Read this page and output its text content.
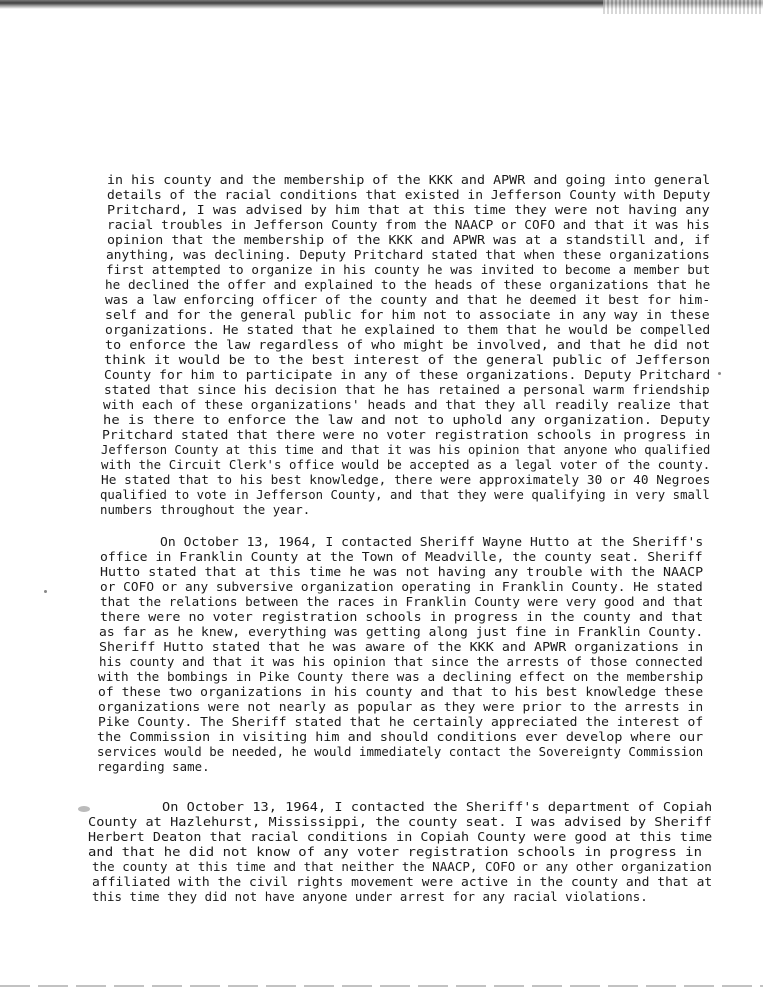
in his county and the membership of the KKK and APWR and going into general
details of the racial conditions that existed in Jefferson County with Deputy
Pritchard, I was advised by him that at this time they were not having any
racial troubles in Jefferson County from the NAACP or COFO and that it was his
opinion that the membership of the KKK and APWR was at a standstill and, if
anything, was declining. Deputy Pritchard stated that when these organizations
first attempted to organize in his county he was invited to become a member but
he declined the offer and explained to the heads of these organizations that he
was a law enforcing officer of the county and that he deemed it best for him-
self and for the general public for him not to associate in any way in these
organizations. He stated that he explained to them that he would be compelled
to enforce the law regardless of who might be involved, and that he did not
think it would be to the best interest of the general public of Jefferson
County for him to participate in any of these organizations. Deputy Pritchard
stated that since his decision that he has retained a personal warm friendship
with each of these organizations' heads and that they all readily realize that
he is there to enforce the law and not to uphold any organization. Deputy
Pritchard stated that there were no voter registration schools in progress in
Jefferson County at this time and that it was his opinion that anyone who qualified
with the Circuit Clerk's office would be accepted as a legal voter of the county.
He stated that to his best knowledge, there were approximately 30 or 40 Negroes
qualified to vote in Jefferson County, and that they were qualifying in very small
numbers throughout the year.
On October 13, 1964, I contacted Sheriff Wayne Hutto at the Sheriff's
office in Franklin County at the Town of Meadville, the county seat. Sheriff
Hutto stated that at this time he was not having any trouble with the NAACP
or COFO or any subversive organization operating in Franklin County. He stated
that the relations between the races in Franklin County were very good and that
there were no voter registration schools in progress in the county and that
as far as he knew, everything was getting along just fine in Franklin County.
Sheriff Hutto stated that he was aware of the KKK and APWR organizations in
his county and that it was his opinion that since the arrests of those connected
with the bombings in Pike County there was a declining effect on the membership
of these two organizations in his county and that to his best knowledge these
organizations were not nearly as popular as they were prior to the arrests in
Pike County. The Sheriff stated that he certainly appreciated the interest of
the Commission in visiting him and should conditions ever develop where our
services would be needed, he would immediately contact the Sovereignty Commission
regarding same.
On October 13, 1964, I contacted the Sheriff's department of Copiah
County at Hazlehurst, Mississippi, the county seat. I was advised by Sheriff
Herbert Deaton that racial conditions in Copiah County were good at this time
and that he did not know of any voter registration schools in progress in
the county at this time and that neither the NAACP, COFO or any other organization
affiliated with the civil rights movement were active in the county and that at
this time they did not have anyone under arrest for any racial violations.
